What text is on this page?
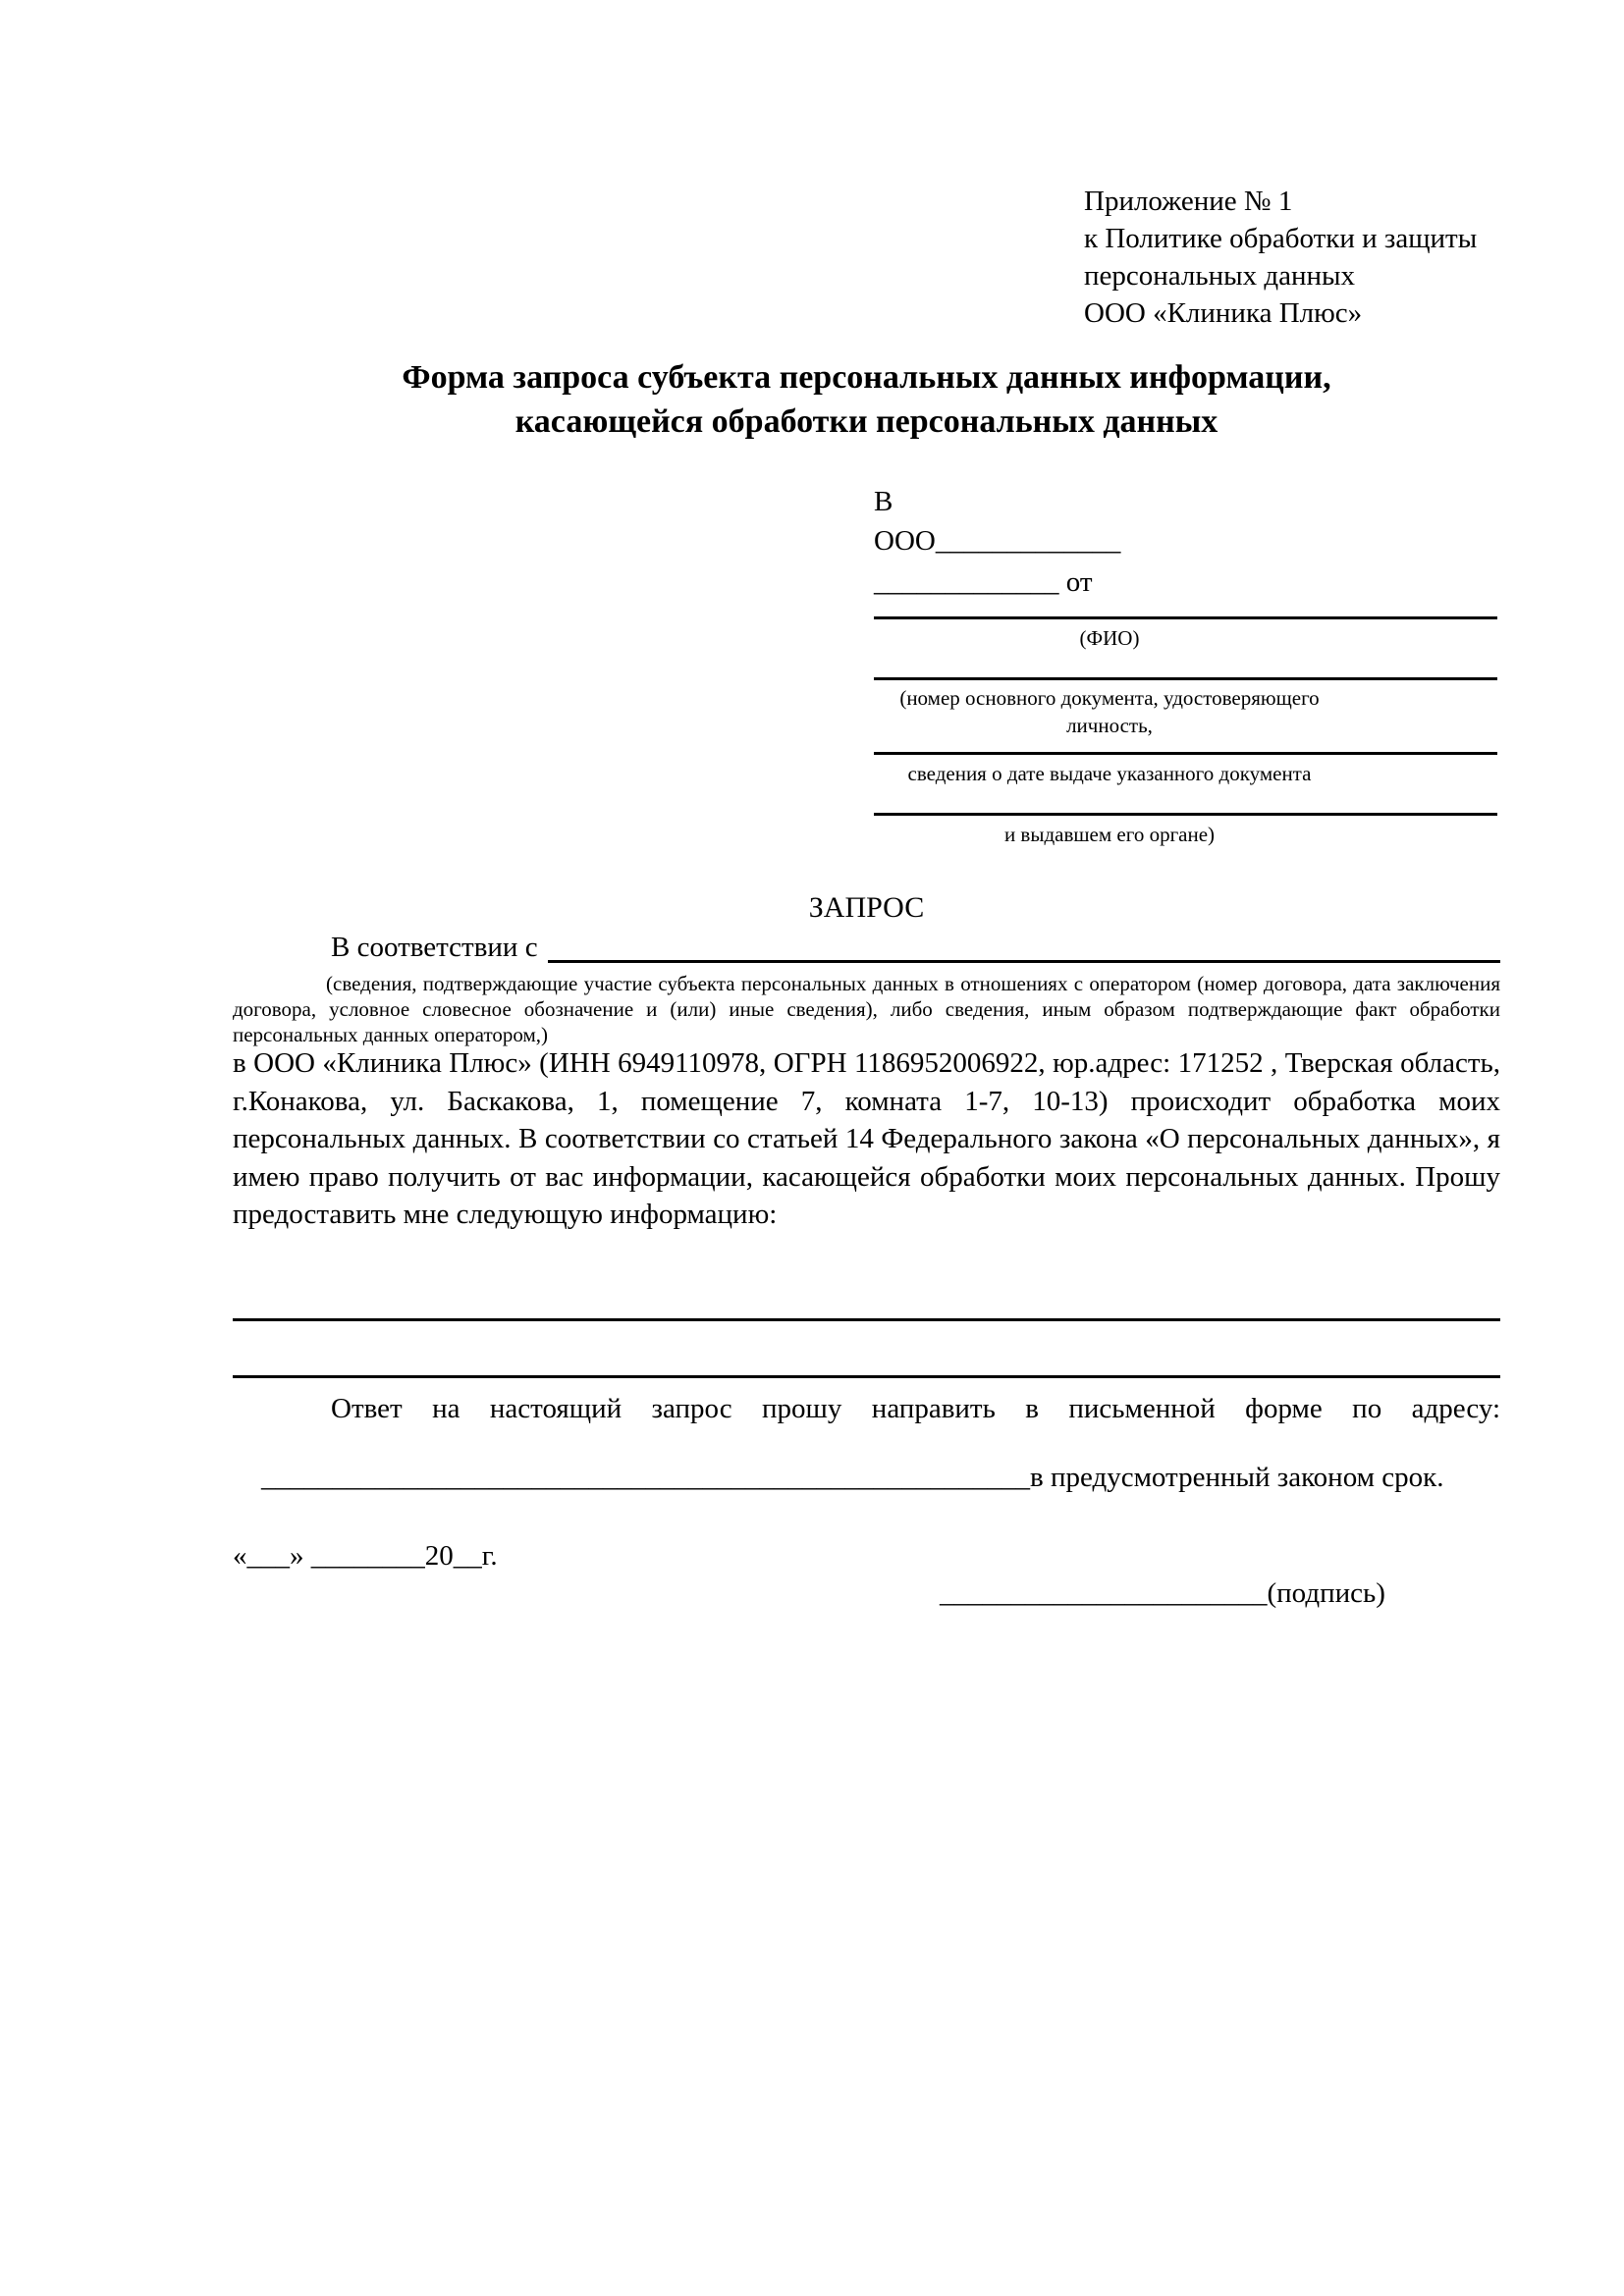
Приложение № 1
к Политике обработки и защиты
персональных данных
ООО «Клиника Плюс»
Форма запроса субъекта персональных данных информации,
касающейся обработки персональных данных
В
ООО_____________
_____________ от
(ФИО)
(номер основного документа, удостоверяющего личность,
сведения о дате выдаче указанного документа
и выдавшем его органе)
ЗАПРОС
В соответствии с
(сведения, подтверждающие участие субъекта персональных данных в отношениях с оператором (номер договора, дата заключения договора, условное словесное обозначение и (или) иные сведения), либо сведения, иным образом подтверждающие факт обработки персональных данных оператором,)
в ООО «Клиника Плюс» (ИНН 6949110978, ОГРН 1186952006922, юр.адрес: 171252 , Тверская область, г.Конакова, ул. Баскакова, 1, помещение 7, комната 1-7, 10-13) происходит обработка моих персональных данных. В соответствии со статьей 14 Федерального закона «О персональных данных», я имею право получить от вас информации, касающейся обработки моих персональных данных. Прошу предоставить мне следующую информацию:
Ответ на настоящий запрос прошу направить в письменной форме по адресу:

______________________________________________________в предусмотренный законом срок.

«___» ________20__г.

_______________________(подпись)
